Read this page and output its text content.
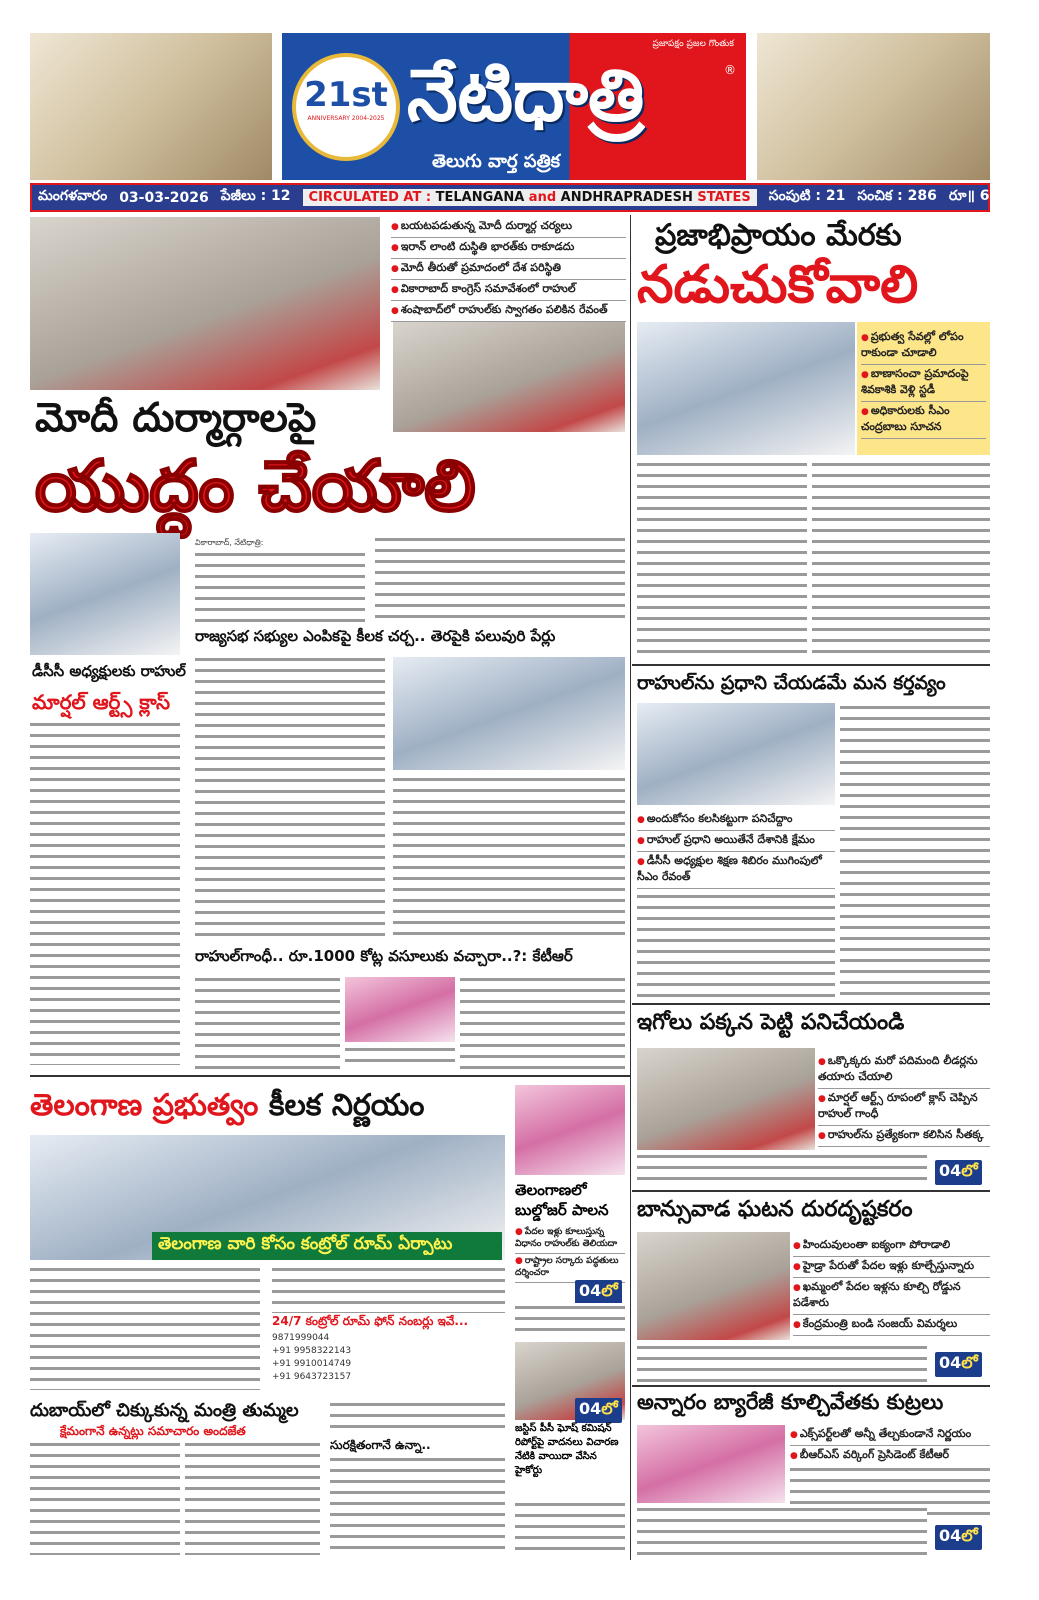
21st
ANNIVERSARY 2004-2025
ప్రజాపక్షం ప్రజల గొంతుక
నేటిధాత్రి	®
తెలుగు వార్త పత్రిక
మంగళవారం 03-03-2026 పేజీలు : 12	CIRCULATED AT : TELANGANA and ANDHRAPRADESH STATES	సంపుటి : 21 సంచిక : 286 రూ॥ 6.00
● బయటపడుతున్న మోదీ దుర్మార్గ చర్యలు
● ఇరాన్ లాంటి దుస్థితి భారత్‌కు రాకూడదు
● మోదీ తీరుతో ప్రమాదంలో దేశ పరిస్థితి
● వికారాబాద్ కాంగ్రెస్ సమావేశంలో రాహుల్
● శంషాబాద్‌లో రాహుల్‌కు స్వాగతం పలికిన రేవంత్
మోదీ దుర్మార్గాలపై
యుద్ధం చేయాలి
వికారాబాద్, నేటిధాత్రి:
రాజ్యసభ సభ్యుల ఎంపికపై కీలక చర్చ.. తెరపైకి పలువురి పేర్లు
డీసీసీ అధ్యక్షులకు రాహుల్
మార్షల్ ఆర్ట్స్ క్లాస్
రాహుల్‌గాంధీ.. రూ.1000 కోట్ల వసూలుకు వచ్చారా..?: కేటీఆర్
తెలంగాణ ప్రభుత్వం కీలక నిర్ణయం
తెలంగాణ వారి కోసం కంట్రోల్ రూమ్ ఏర్పాటు
24/7 కంట్రోల్ రూమ్ ఫోన్ నంబర్లు ఇవే...
9871999044
+91 9958322143
+91 9910014749
+91 9643723157
దుబాయ్‌లో చిక్కుకున్న మంత్రి తుమ్మల
క్షేమంగానే ఉన్నట్లు సమాచారం అందజేత
సురక్షితంగానే ఉన్నా..
తెలంగాణలో బుల్డోజర్ పాలన
● పేదల ఇళ్లు కూలుస్తున్న విధానం రాహుల్‌కు తెలియదా
● రాష్ట్రాల సర్కారు పద్ధతులు దర్శించరా
04లో
04లో
జస్టిస్ పీసీ ఘోష్ కమిషన్ రిపోర్ట్‌పై వాదనలు విచారణ నేటికి వాయిదా వేసిన హైకోర్టు
ప్రజాభిప్రాయం మేరకు
నడుచుకోవాలి
● ప్రభుత్వ సేవల్లో లోపం రాకుండా చూడాలి
● బాణాసంచా ప్రమాదంపై శివకాశికి వెళ్లి స్టడీ
● అధికారులకు సీఎం చంద్రబాబు సూచన
రాహుల్‌ను ప్రధాని చేయడమే మన కర్తవ్యం
● అందుకోసం కలసికట్టుగా పనిచేద్దాం
● రాహుల్ ప్రధాని అయితేనే దేశానికి క్షేమం
● డీసీసీ అధ్యక్షుల శిక్షణ శిబిరం ముగింపులో సీఎం రేవంత్
ఇగోలు పక్కన పెట్టి పనిచేయండి
● ఒక్కొక్కరు మరో పదిమంది లీడర్లను తయారు చేయాలి
● మార్షల్ ఆర్ట్స్ రూపంలో క్లాస్ చెప్పిన రాహుల్ గాంధీ
● రాహుల్‌ను ప్రత్యేకంగా కలిసిన సీతక్క
04లో
బాన్సువాడ ఘటన దురదృష్టకరం
● హిందువులంతా ఐక్యంగా పోరాడాలి
● హైడ్రా పేరుతో పేదల ఇళ్లు కూల్చేస్తున్నారు
● ఖమ్మంలో పేదల ఇళ్లను కూల్చి రోడ్డున పడేశారు
● కేంద్రమంత్రి బండి సంజయ్ విమర్శలు
04లో
అన్నారం బ్యారేజీ కూల్చివేతకు కుట్రలు
● ఎక్స్‌పర్ట్‌లతో అన్నీ తేల్చకుండానే నిర్ణయం
● బీఆర్ఎస్ వర్కింగ్ ప్రెసిడెంట్ కేటీఆర్
04లో
